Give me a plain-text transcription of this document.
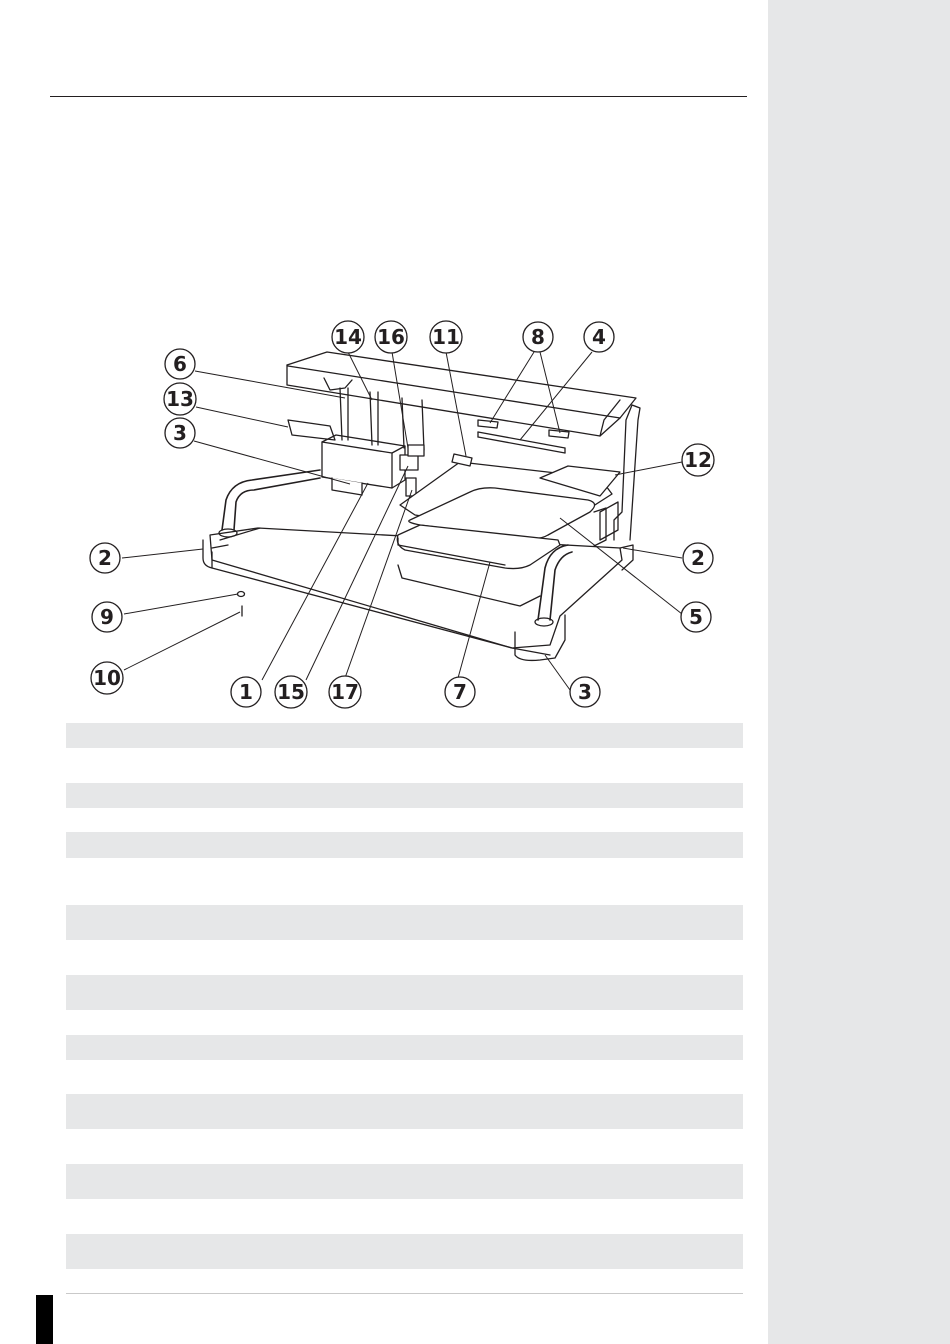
1
2	2
3
3
4
5
6
7
8
9
10
11
12
13
14
15
16
17
